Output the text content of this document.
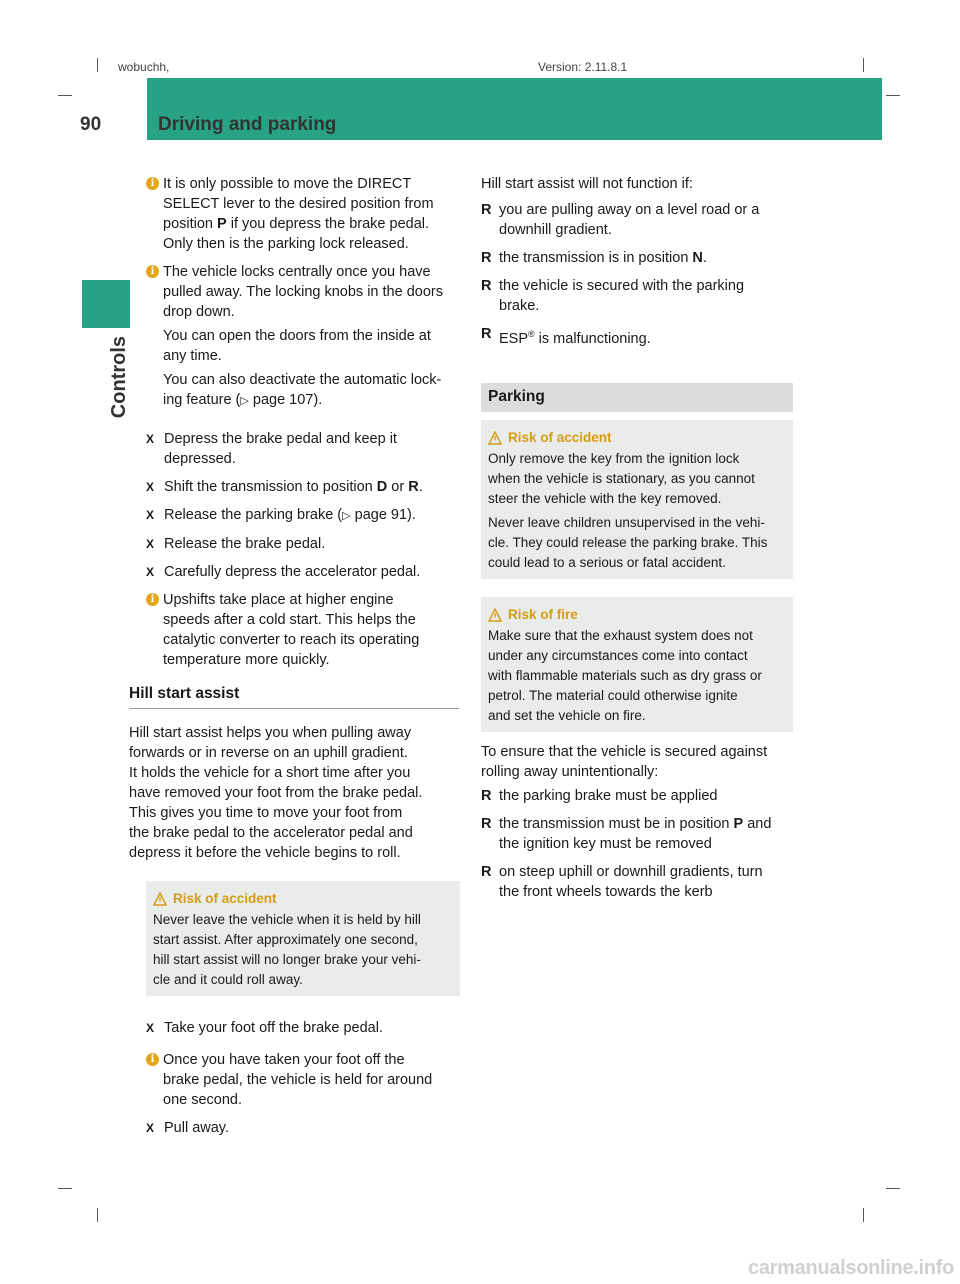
wobuchh,	Version: 2.11.8.1
90	Driving and parking
Controls
i It is only possible to move the DIRECT
SELECT lever to the desired position from
position P if you depress the brake pedal.
Only then is the parking lock released.

i The vehicle locks centrally once you have
pulled away. The locking knobs in the doors
drop down.

You can open the doors from the inside at
any time.

You can also deactivate the automatic lock-
ing feature (▷ page 107).

X Depress the brake pedal and keep it
depressed.
X Shift the transmission to position D or R.
X Release the parking brake (▷ page 91).
X Release the brake pedal.
X Carefully depress the accelerator pedal.
i Upshifts take place at higher engine
speeds after a cold start. This helps the
catalytic converter to reach its operating
temperature more quickly.

Hill start assist

Hill start assist helps you when pulling away
forwards or in reverse on an uphill gradient.
It holds the vehicle for a short time after you
have removed your foot from the brake pedal.
This gives you time to move your foot from
the brake pedal to the accelerator pedal and
depress it before the vehicle begins to roll.

Risk of accident
Never leave the vehicle when it is held by hill
start assist. After approximately one second,
hill start assist will no longer brake your vehi-
cle and it could roll away.
X Take your foot off the brake pedal.
i Once you have taken your foot off the
brake pedal, the vehicle is held for around
one second.

X Pull away.

Hill start assist will not function if:

R you are pulling away on a level road or a
downhill gradient.
R the transmission is in position N.
R the vehicle is secured with the parking
brake.
R ESP® is malfunctioning.
Parking
Risk of accident

Only remove the key from the ignition lock
when the vehicle is stationary, as you cannot
steer the vehicle with the key removed.

Never leave children unsupervised in the vehi-
cle. They could release the parking brake. This
could lead to a serious or fatal accident.

Risk of fire
Make sure that the exhaust system does not
under any circumstances come into contact
with flammable materials such as dry grass or
petrol. The material could otherwise ignite
and set the vehicle on fire.

To ensure that the vehicle is secured against
rolling away unintentionally:

R the parking brake must be applied
R the transmission must be in position P and
the ignition key must be removed
R on steep uphill or downhill gradients, turn
the front wheels towards the kerb
carmanualsonline.info
